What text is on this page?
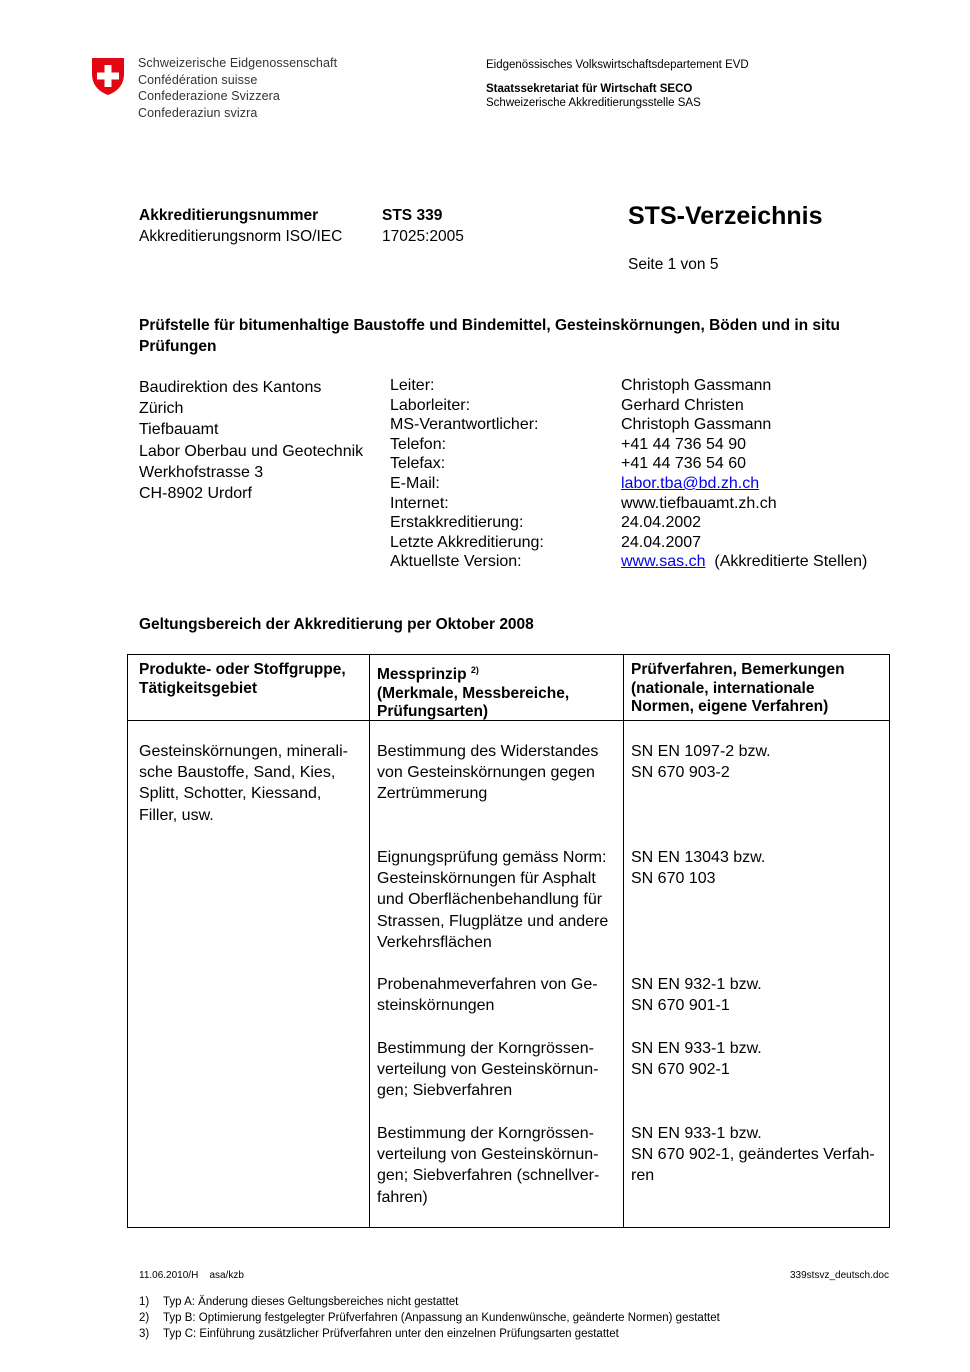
Schweizerische Eidgenossenschaft
Confédération suisse
Confederazione Svizzera
Confederaziun svizra
Eidgenössisches Volkswirtschaftsdepartement EVD
Staatssekretariat für Wirtschaft SECO
Schweizerische Akkreditierungsstelle SAS
Akkreditierungsnummer
Akkreditierungsnorm ISO/IEC
STS 339
17025:2005
STS-Verzeichnis
Seite 1 von 5
Prüfstelle für bitumenhaltige Baustoffe und Bindemittel, Gesteinskörnungen, Böden und in situ Prüfungen
Baudirektion des Kantons
Zürich
Tiefbauamt
Labor Oberbau und Geotechnik
Werkhofstrasse 3
CH-8902 Urdorf
Leiter:
Laborleiter:
MS-Verantwortlicher:
Telefon:
Telefax:
E-Mail:
Internet:
Erstakkreditierung:
Letzte Akkreditierung:
Aktuellste Version:
Christoph Gassmann
Gerhard Christen
Christoph Gassmann
+41 44 736 54 90
+41 44 736 54 60
labor.tba@bd.zh.ch
www.tiefbauamt.zh.ch
24.04.2002
24.04.2007
www.sas.ch (Akkreditierte Stellen)
Geltungsbereich der Akkreditierung per Oktober 2008
Produkte- oder Stoffgruppe,
Tätigkeitsgebiet
Messprinzip $^{2)}$
(Merkmale, Messbereiche,
Prüfungsarten)
Prüfverfahren, Bemerkungen
(nationale, internationale
Normen, eigene Verfahren)
Gesteinskörnungen, minerali-
sche Baustoffe, Sand, Kies,
Splitt, Schotter, Kiessand,
Filler, usw.
Bestimmung des Widerstandes
von Gesteinskörnungen gegen
Zertrümmerung
SN EN 1097-2 bzw.
SN 670 903-2
Eignungsprüfung gemäss Norm:
Gesteinskörnungen für Asphalt
und Oberflächenbehandlung für
Strassen, Flugplätze und andere
Verkehrsflächen
SN EN 13043 bzw.
SN 670 103
Probenahmeverfahren von Ge-
steinskörnungen
SN EN 932-1 bzw.
SN 670 901-1
Bestimmung der Korngrössen-
verteilung von Gesteinskörnun-
gen; Siebverfahren
SN EN 933-1 bzw.
SN 670 902-1
Bestimmung der Korngrössen-
verteilung von Gesteinskörnun-
gen; Siebverfahren (schnellver-
fahren)
SN EN 933-1 bzw.
SN 670 902-1, geändertes Verfah-
ren
11.06.2010/H asa/kzb	339stsvz_deutsch.doc
1) Typ A: Änderung dieses Geltungsbereiches nicht gestattet
2) Typ B: Optimierung festgelegter Prüfverfahren (Anpassung an Kundenwünsche, geänderte Normen) gestattet
3) Typ C: Einführung zusätzlicher Prüfverfahren unter den einzelnen Prüfungsarten gestattet
